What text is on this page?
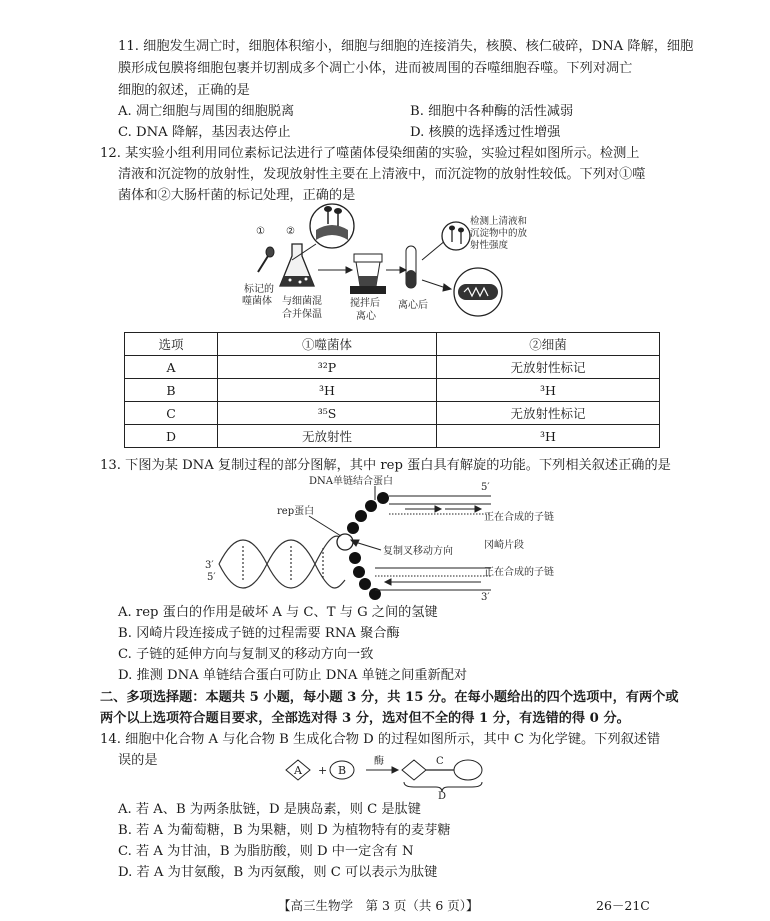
11. 细胞发生凋亡时，细胞体积缩小，细胞与细胞的连接消失，核膜、核仁破碎，DNA 降解，细胞
膜形成包膜将细胞包裹并切割成多个凋亡小体，进而被周围的吞噬细胞吞噬。下列对凋亡
细胞的叙述，正确的是
A. 凋亡细胞与周围的细胞脱离	B. 细胞中各种酶的活性减弱
C. DNA 降解，基因表达停止	D. 核膜的选择透过性增强
12. 某实验小组利用同位素标记法进行了噬菌体侵染细菌的实验，实验过程如图所示。检测上
清液和沉淀物的放射性，发现放射性主要在上清液中，而沉淀物的放射性较低。下列对①噬
菌体和②大肠杆菌的标记处理，正确的是
① ②
标记的
噬菌体 与细菌混
合并保温
搅拌后
离心
离心后
检测上清液和
沉淀物中的放
射性强度
选项	①噬菌体	②细菌
A	³²P	无放射性标记
B	³H	³H
C	³⁵S	无放射性标记
D	无放射性	³H
13. 下图为某 DNA 复制过程的部分图解，其中 rep 蛋白具有解旋的功能。下列相关叙述正确的是
DNA单链结合蛋白
rep蛋白
复制叉移动方向
5′
3′
5′
3′
正在合成的子链
冈崎片段
正在合成的子链
A. rep 蛋白的作用是破坏 A 与 C、T 与 G 之间的氢键
B. 冈崎片段连接成子链的过程需要 RNA 聚合酶
C. 子链的延伸方向与复制叉的移动方向一致
D. 推测 DNA 单链结合蛋白可防止 DNA 单链之间重新配对
二、多项选择题：本题共 5 小题，每小题 3 分，共 15 分。在每小题给出的四个选项中，有两个或
两个以上选项符合题目要求，全部选对得 3 分，选对但不全的得 1 分，有选错的得 0 分。
14. 细胞中化合物 A 与化合物 B 生成化合物 D 的过程如图所示，其中 C 为化学键。下列叙述错
误的是
A + B
酶	C
D
A. 若 A、B 为两条肽链，D 是胰岛素，则 C 是肽键
B. 若 A 为葡萄糖，B 为果糖，则 D 为植物特有的麦芽糖
C. 若 A 为甘油，B 为脂肪酸，则 D 中一定含有 N
D. 若 A 为甘氨酸，B 为丙氨酸，则 C 可以表示为肽键
【高三生物学　第 3 页（共 6 页）】	26－21C
